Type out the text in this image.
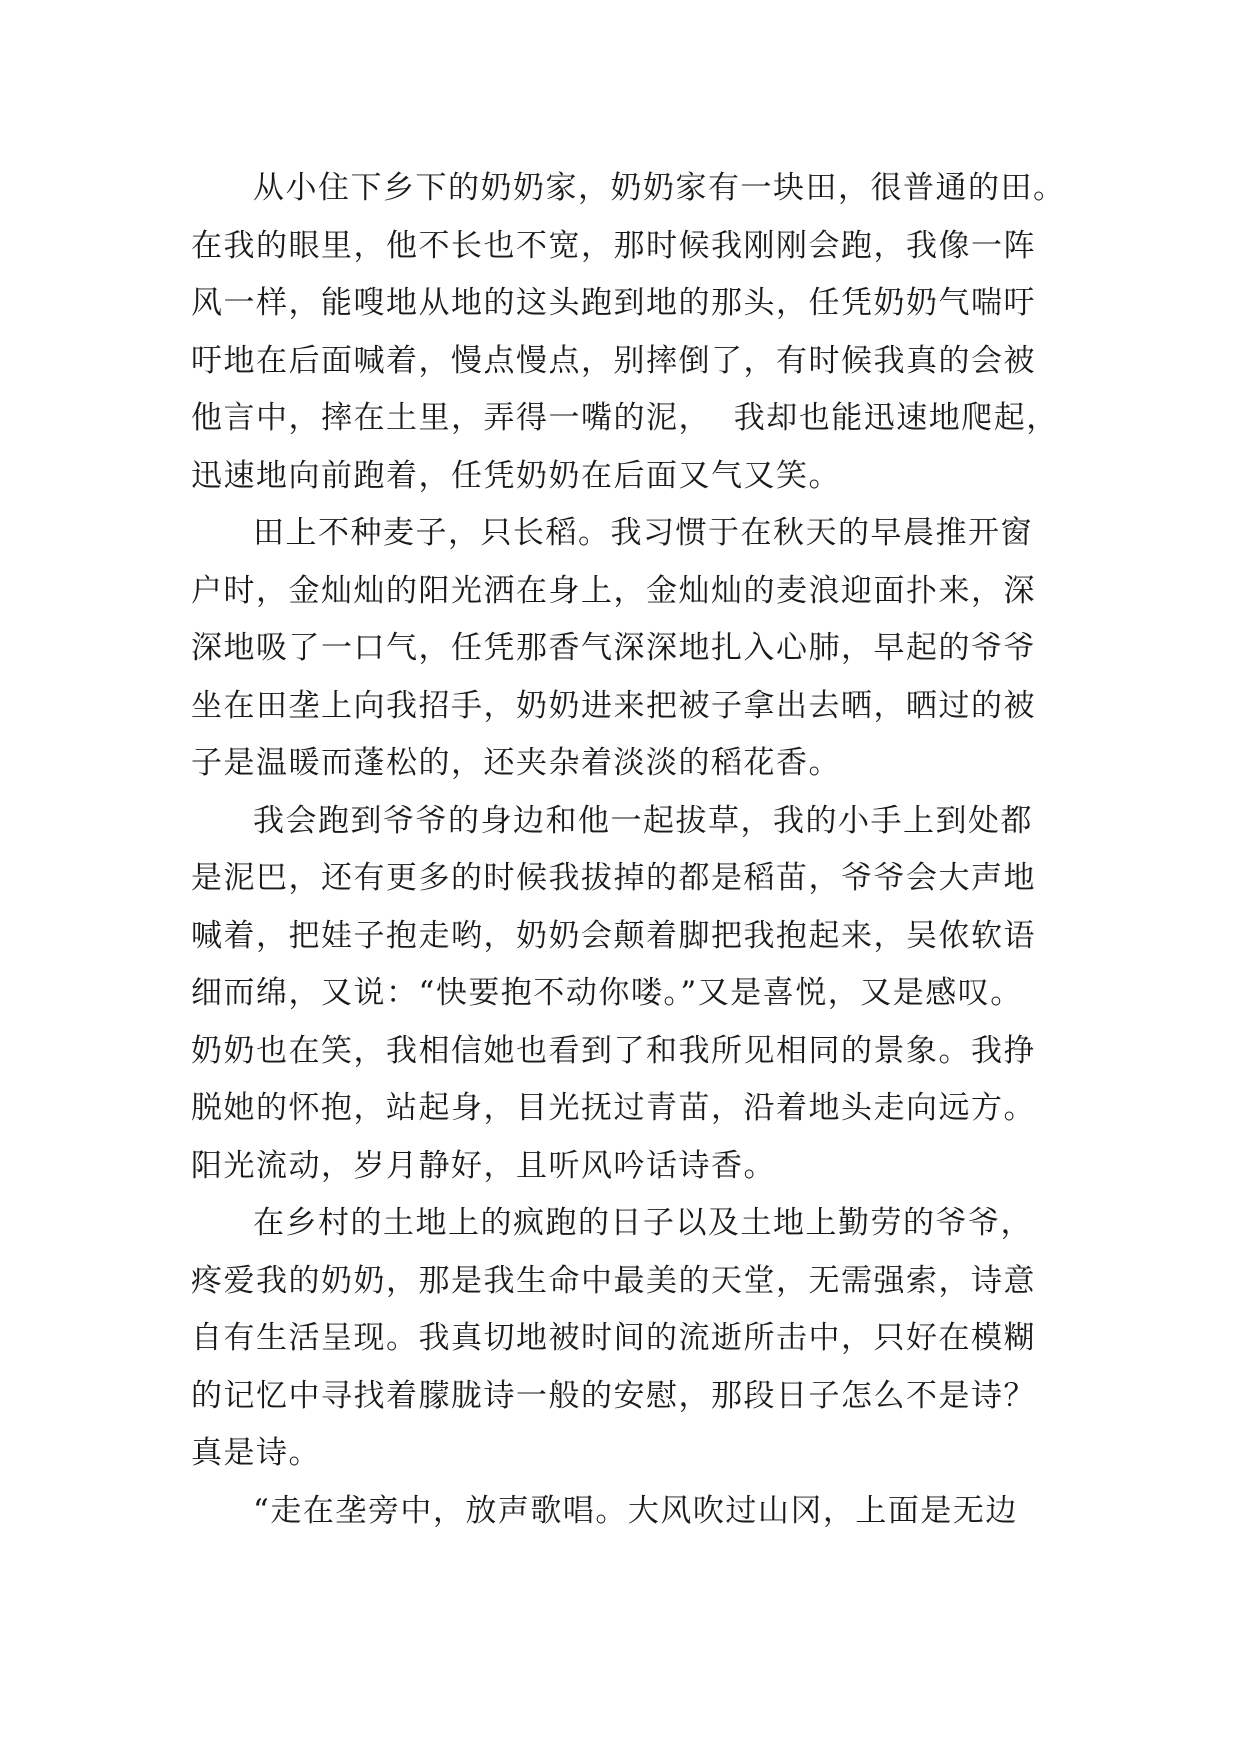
从小住下乡下的奶奶家，奶奶家有一块田，很普通的田。
在我的眼里，他不长也不宽，那时候我刚刚会跑，我像一阵
风一样，能嗖地从地的这头跑到地的那头，任凭奶奶气喘吁
吁地在后面喊着，慢点慢点，别摔倒了，有时候我真的会被
他言中，摔在土里，弄得一嘴的泥，  我却也能迅速地爬起，
迅速地向前跑着，任凭奶奶在后面又气又笑。
田上不种麦子，只长稻。我习惯于在秋天的早晨推开窗
户时，金灿灿的阳光洒在身上，金灿灿的麦浪迎面扑来，深
深地吸了一口气，任凭那香气深深地扎入心肺，早起的爷爷
坐在田垄上向我招手，奶奶进来把被子拿出去晒，晒过的被
子是温暖而蓬松的，还夹杂着淡淡的稻花香。
我会跑到爷爷的身边和他一起拔草，我的小手上到处都
是泥巴，还有更多的时候我拔掉的都是稻苗，爷爷会大声地
喊着，把娃子抱走哟，奶奶会颠着脚把我抱起来，吴侬软语
细而绵，又说：“快要抱不动你喽。”又是喜悦，又是感叹。
奶奶也在笑，我相信她也看到了和我所见相同的景象。我挣
脱她的怀抱，站起身，目光抚过青苗，沿着地头走向远方。
阳光流动，岁月静好，且听风吟话诗香。
在乡村的土地上的疯跑的日子以及土地上勤劳的爷爷，
疼爱我的奶奶，那是我生命中最美的天堂，无需强索，诗意
自有生活呈现。我真切地被时间的流逝所击中，只好在模糊
的记忆中寻找着朦胧诗一般的安慰，那段日子怎么不是诗？
真是诗。
“走在垄旁中，放声歌唱。大风吹过山冈，上面是无边
